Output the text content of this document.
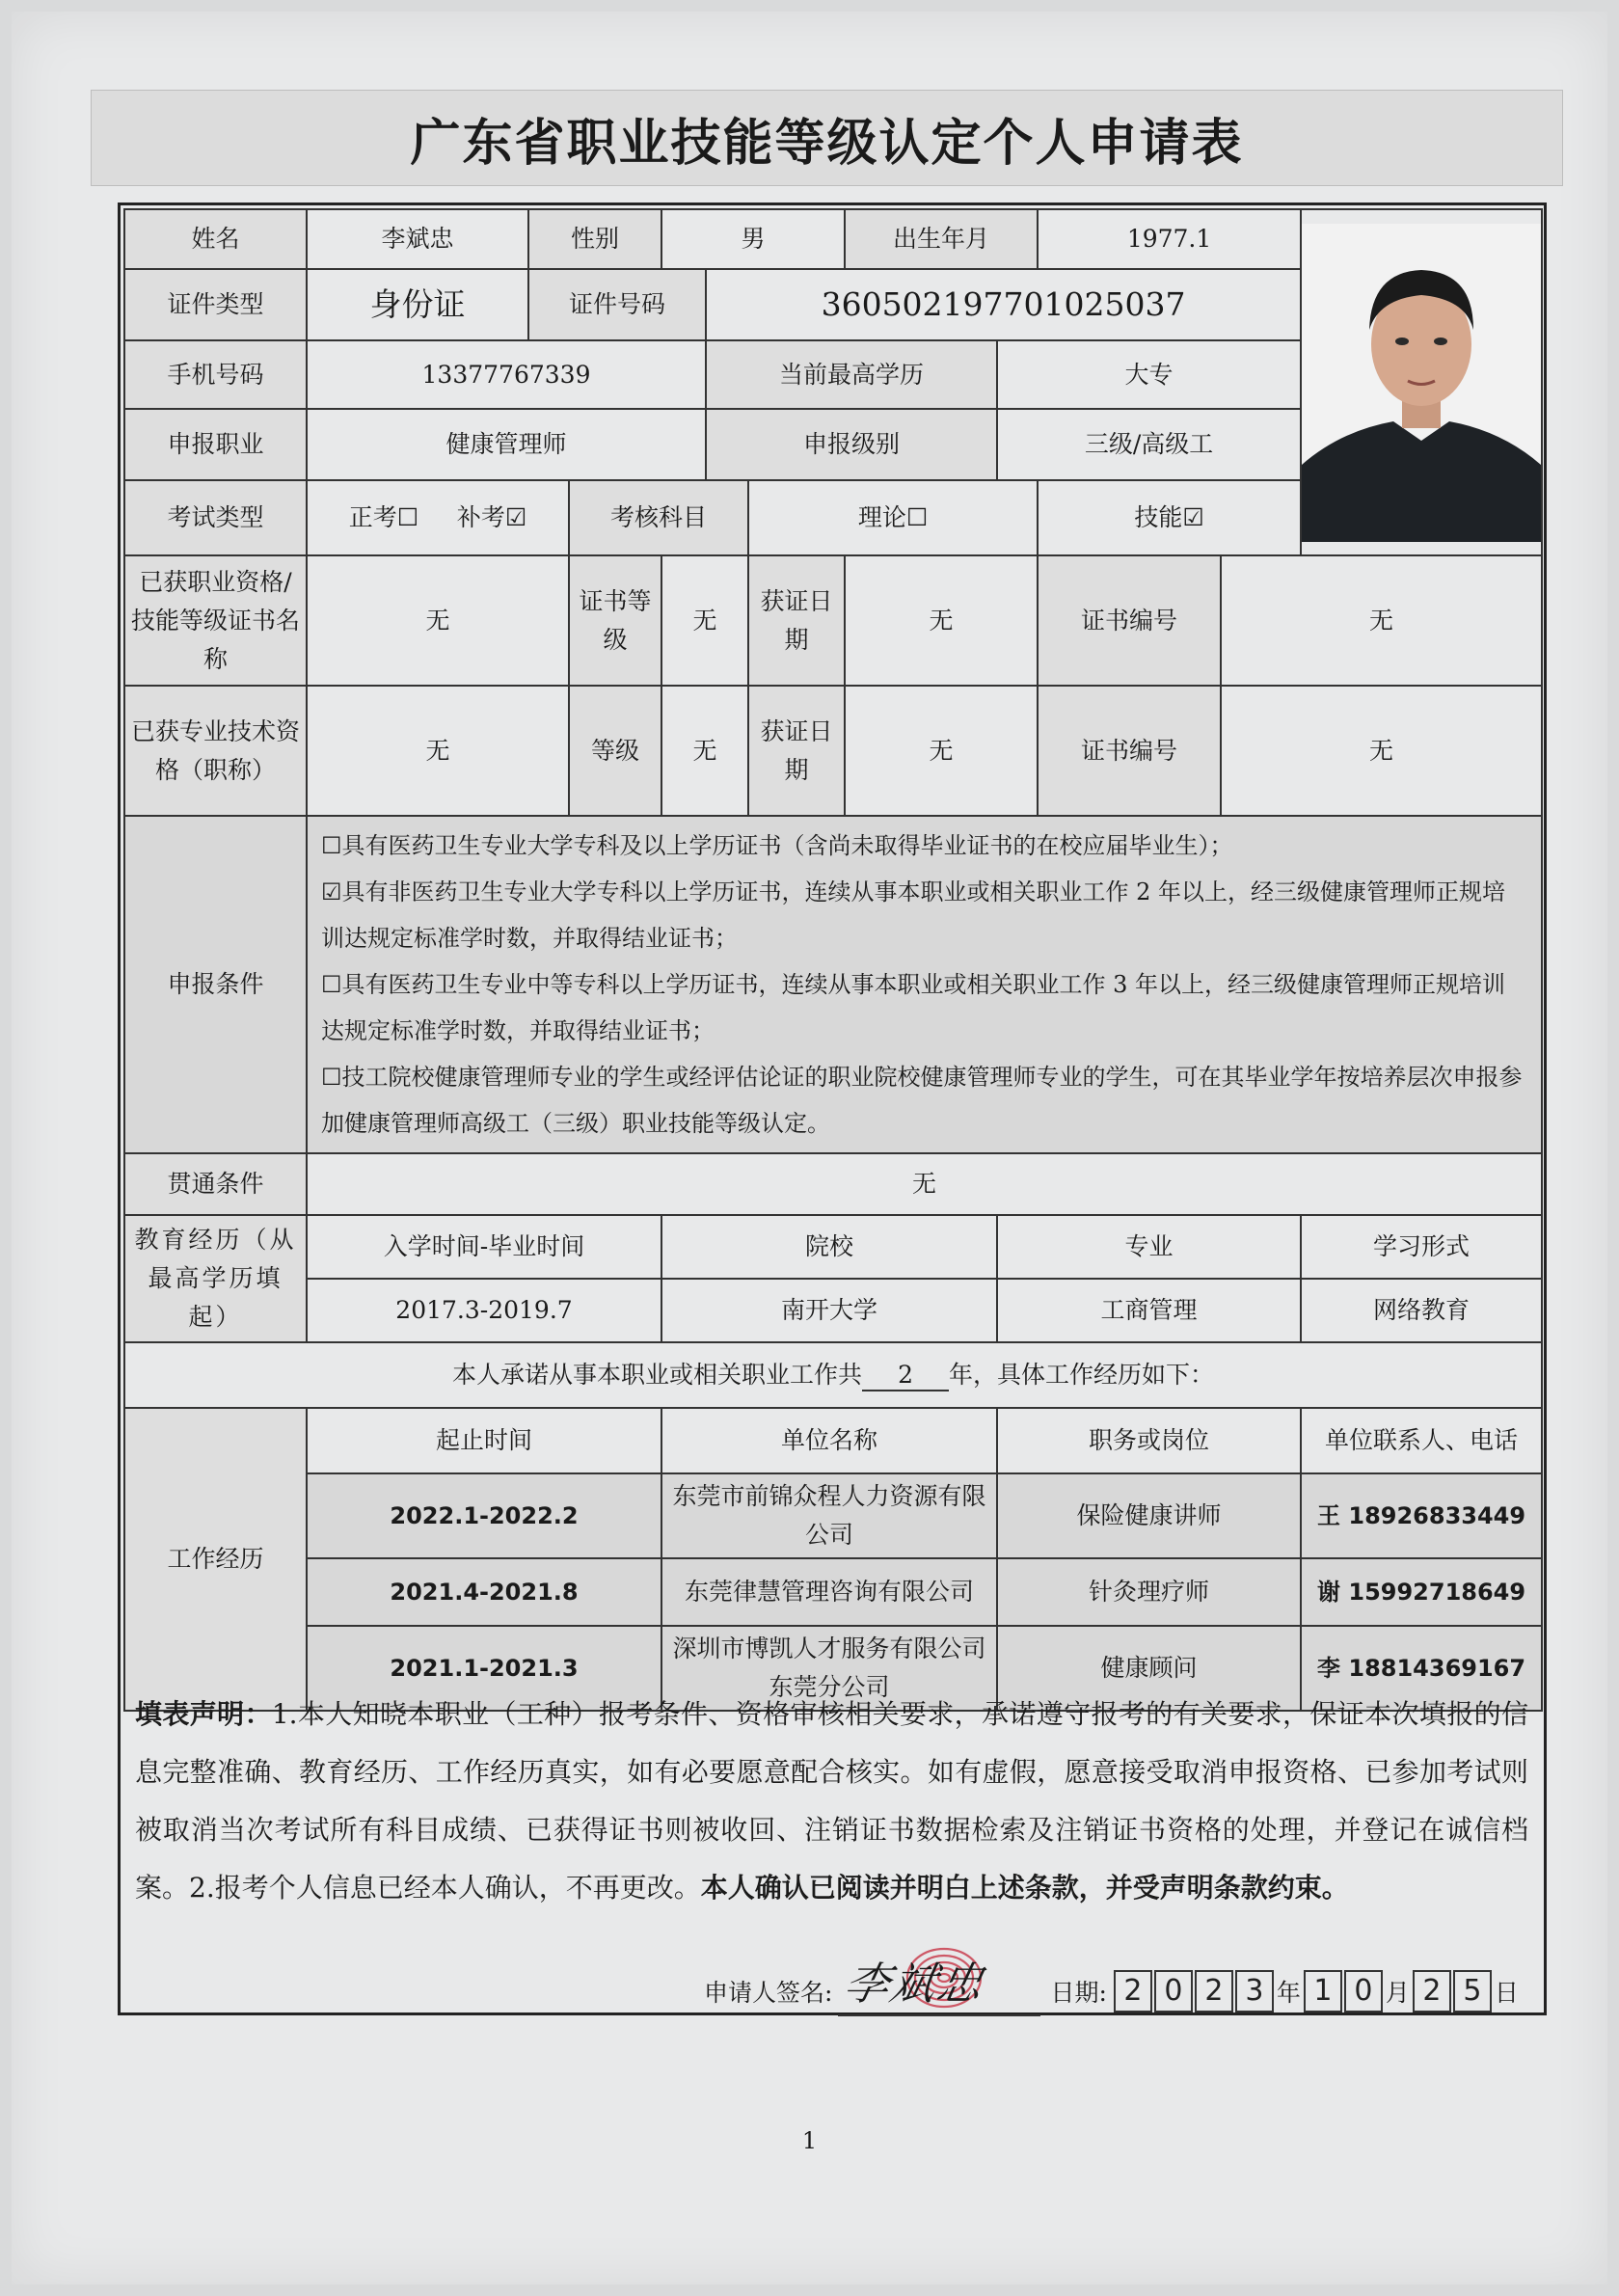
广东省职业技能等级认定个人申请表
姓名	李斌忠	性别		男			出生年月		1977.1	

证件类型	身份证	证件号码			360502197701025037						
手机号码	13377767339				当前最高学历			大专			
申报职业	健康管理师				申报级别			三级/高级工			
考试类型	正考☐ 补考☑		考核科目			理论☐			技能☑		
已获职业资格/技能等级证书名称	无		证书等级	无		获证日期	无		证书编号	无	
已获专业技术资格（职称）	无		等级	无		获证日期	无		证书编号	无	
申报条件	☐具有医药卫生专业大学专科及以上学历证书（含尚未取得毕业证书的在校应届毕业生）；
☑具有非医药卫生专业大学专科以上学历证书，连续从事本职业或相关职业工作 2 年以上，经三级健康管理师正规培训达规定标准学时数，并取得结业证书；
☐具有医药卫生专业中等专科以上学历证书，连续从事本职业或相关职业工作 3 年以上，经三级健康管理师正规培训达规定标准学时数，并取得结业证书；
☐技工院校健康管理师专业的学生或经评估论证的职业院校健康管理师专业的学生，可在其毕业学年按培养层次申报参加健康管理师高级工（三级）职业技能等级认定。										

贯通条件	无										
教育经历（从最高学历填起）	入学时间-毕业时间			院校				专业			学习形式
	2017.3-2019.7			南开大学				工商管理			网络教育
本人承诺从事本职业或相关职业工作共 2 年，具体工作经历如下：											
工作经历	起止时间			单位名称				职务或岗位			单位联系人、电话
	2022.1-2022.2			东莞市前锦众程人力资源有限公司				保险健康讲师			王 18926833449
	2021.4-2021.8			东莞律慧管理咨询有限公司				针灸理疗师			谢 15992718649
	2021.1-2021.3			深圳市博凯人才服务有限公司东莞分公司				健康顾问			李 18814369167
填表声明：1.本人知晓本职业（工种）报考条件、资格审核相关要求，承诺遵守报考的有关要求，保证本次填报的信息完整准确、教育经历、工作经历真实，如有必要愿意配合核实。如有虚假，愿意接受取消申报资格、已参加考试则被取消当次考试所有科目成绩、已获得证书则被收回、注销证书数据检索及注销证书资格的处理，并登记在诚信档案。2.报考个人信息已经本人确认，不再更改。本人确认已阅读并明白上述条款，并受声明条款约束。
申请人签名: 李斌忠	日期: 2 0 2 3 年 1 0 月 2 5 日
1
